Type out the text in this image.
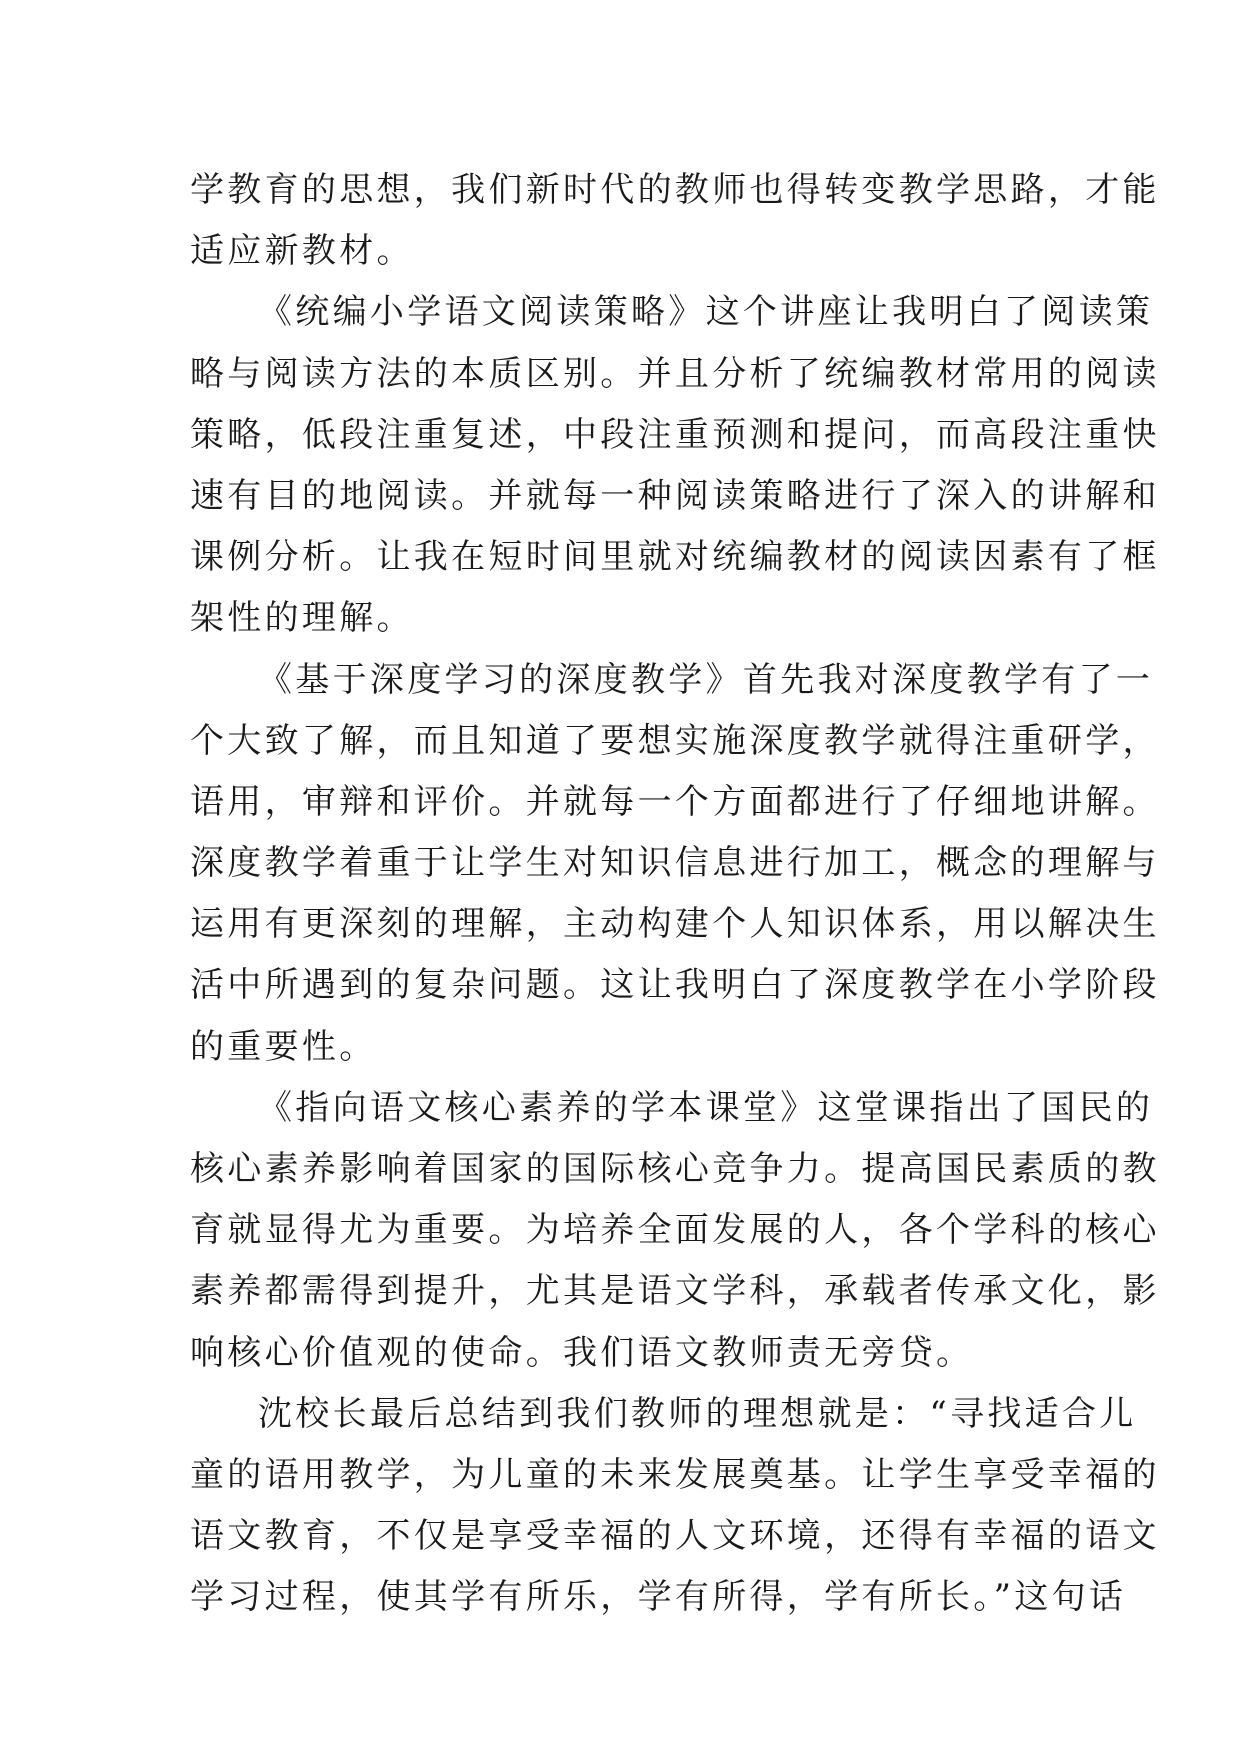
学教育的思想，我们新时代的教师也得转变教学思路，才能
适应新教材。
《统编小学语文阅读策略》这个讲座让我明白了阅读策
略与阅读方法的本质区别。并且分析了统编教材常用的阅读
策略，低段注重复述，中段注重预测和提问，而高段注重快
速有目的地阅读。并就每一种阅读策略进行了深入的讲解和
课例分析。让我在短时间里就对统编教材的阅读因素有了框
架性的理解。
《基于深度学习的深度教学》首先我对深度教学有了一
个大致了解，而且知道了要想实施深度教学就得注重研学，
语用，审辩和评价。并就每一个方面都进行了仔细地讲解。
深度教学着重于让学生对知识信息进行加工，概念的理解与
运用有更深刻的理解，主动构建个人知识体系，用以解决生
活中所遇到的复杂问题。这让我明白了深度教学在小学阶段
的重要性。
《指向语文核心素养的学本课堂》这堂课指出了国民的
核心素养影响着国家的国际核心竞争力。提高国民素质的教
育就显得尤为重要。为培养全面发展的人，各个学科的核心
素养都需得到提升，尤其是语文学科，承载者传承文化，影
响核心价值观的使命。我们语文教师责无旁贷。
沈校长最后总结到我们教师的理想就是：“寻找适合儿
童的语用教学，为儿童的未来发展奠基。让学生享受幸福的
语文教育，不仅是享受幸福的人文环境，还得有幸福的语文
学习过程，使其学有所乐，学有所得，学有所长。”这句话
